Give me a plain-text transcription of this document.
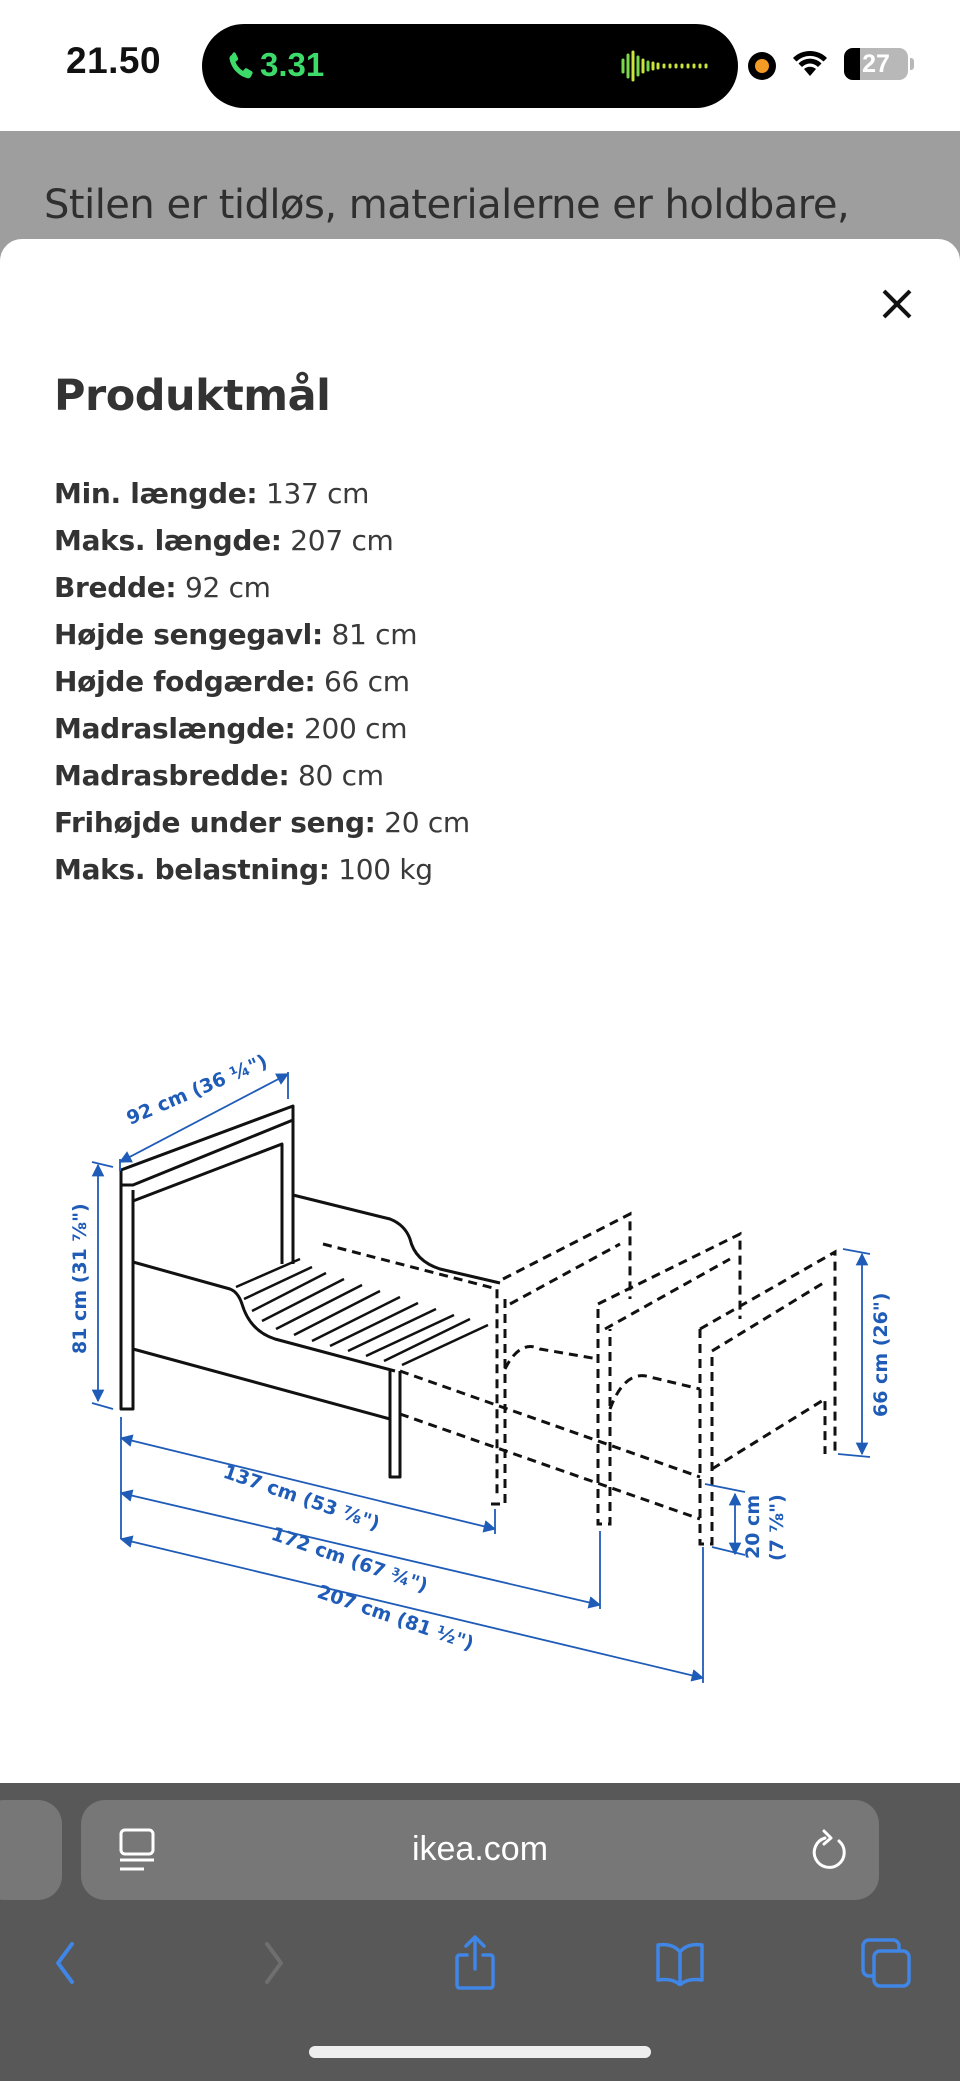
21.50	3.31	27
Stilen er tidløs, materialerne er holdbare,
Produktmål
Min. længde: 137 cm
Maks. længde: 207 cm
Bredde: 92 cm
Højde sengegavl: 81 cm
Højde fodgærde: 66 cm
Madraslængde: 200 cm
Madrasbredde: 80 cm
Frihøjde under seng: 20 cm
Maks. belastning: 100 kg
92 cm (36 ¼")
81 cm (31 ⅞")
137 cm (53 ⅞")
172 cm (67 ¾")
207 cm (81 ½")
20 cm (7 ⅞")
66 cm (26")
ikea.com
